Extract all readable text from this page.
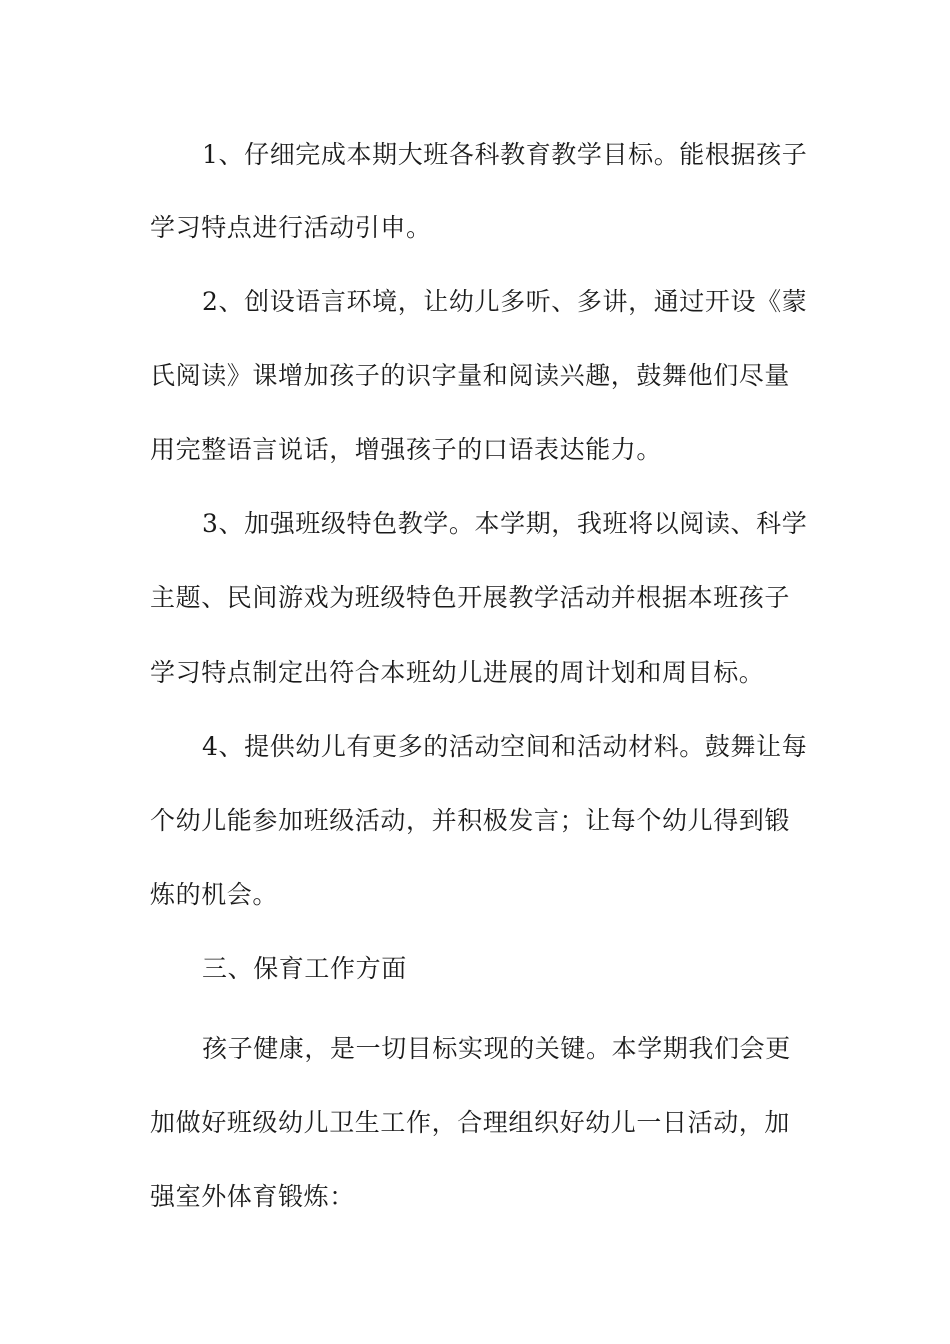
1、仔细完成本期大班各科教育教学目标。能根据孩子

学习特点进行活动引申。

2、创设语言环境，让幼儿多听、多讲，通过开设《蒙

氏阅读》课增加孩子的识字量和阅读兴趣，鼓舞他们尽量

用完整语言说话，增强孩子的口语表达能力。

3、加强班级特色教学。本学期，我班将以阅读、科学

主题、民间游戏为班级特色开展教学活动并根据本班孩子

学习特点制定出符合本班幼儿进展的周计划和周目标。

4、提供幼儿有更多的活动空间和活动材料。鼓舞让每

个幼儿能参加班级活动，并积极发言；让每个幼儿得到锻

炼的机会。

三、保育工作方面

孩子健康，是一切目标实现的关键。本学期我们会更

加做好班级幼儿卫生工作，合理组织好幼儿一日活动，加

强室外体育锻炼：
